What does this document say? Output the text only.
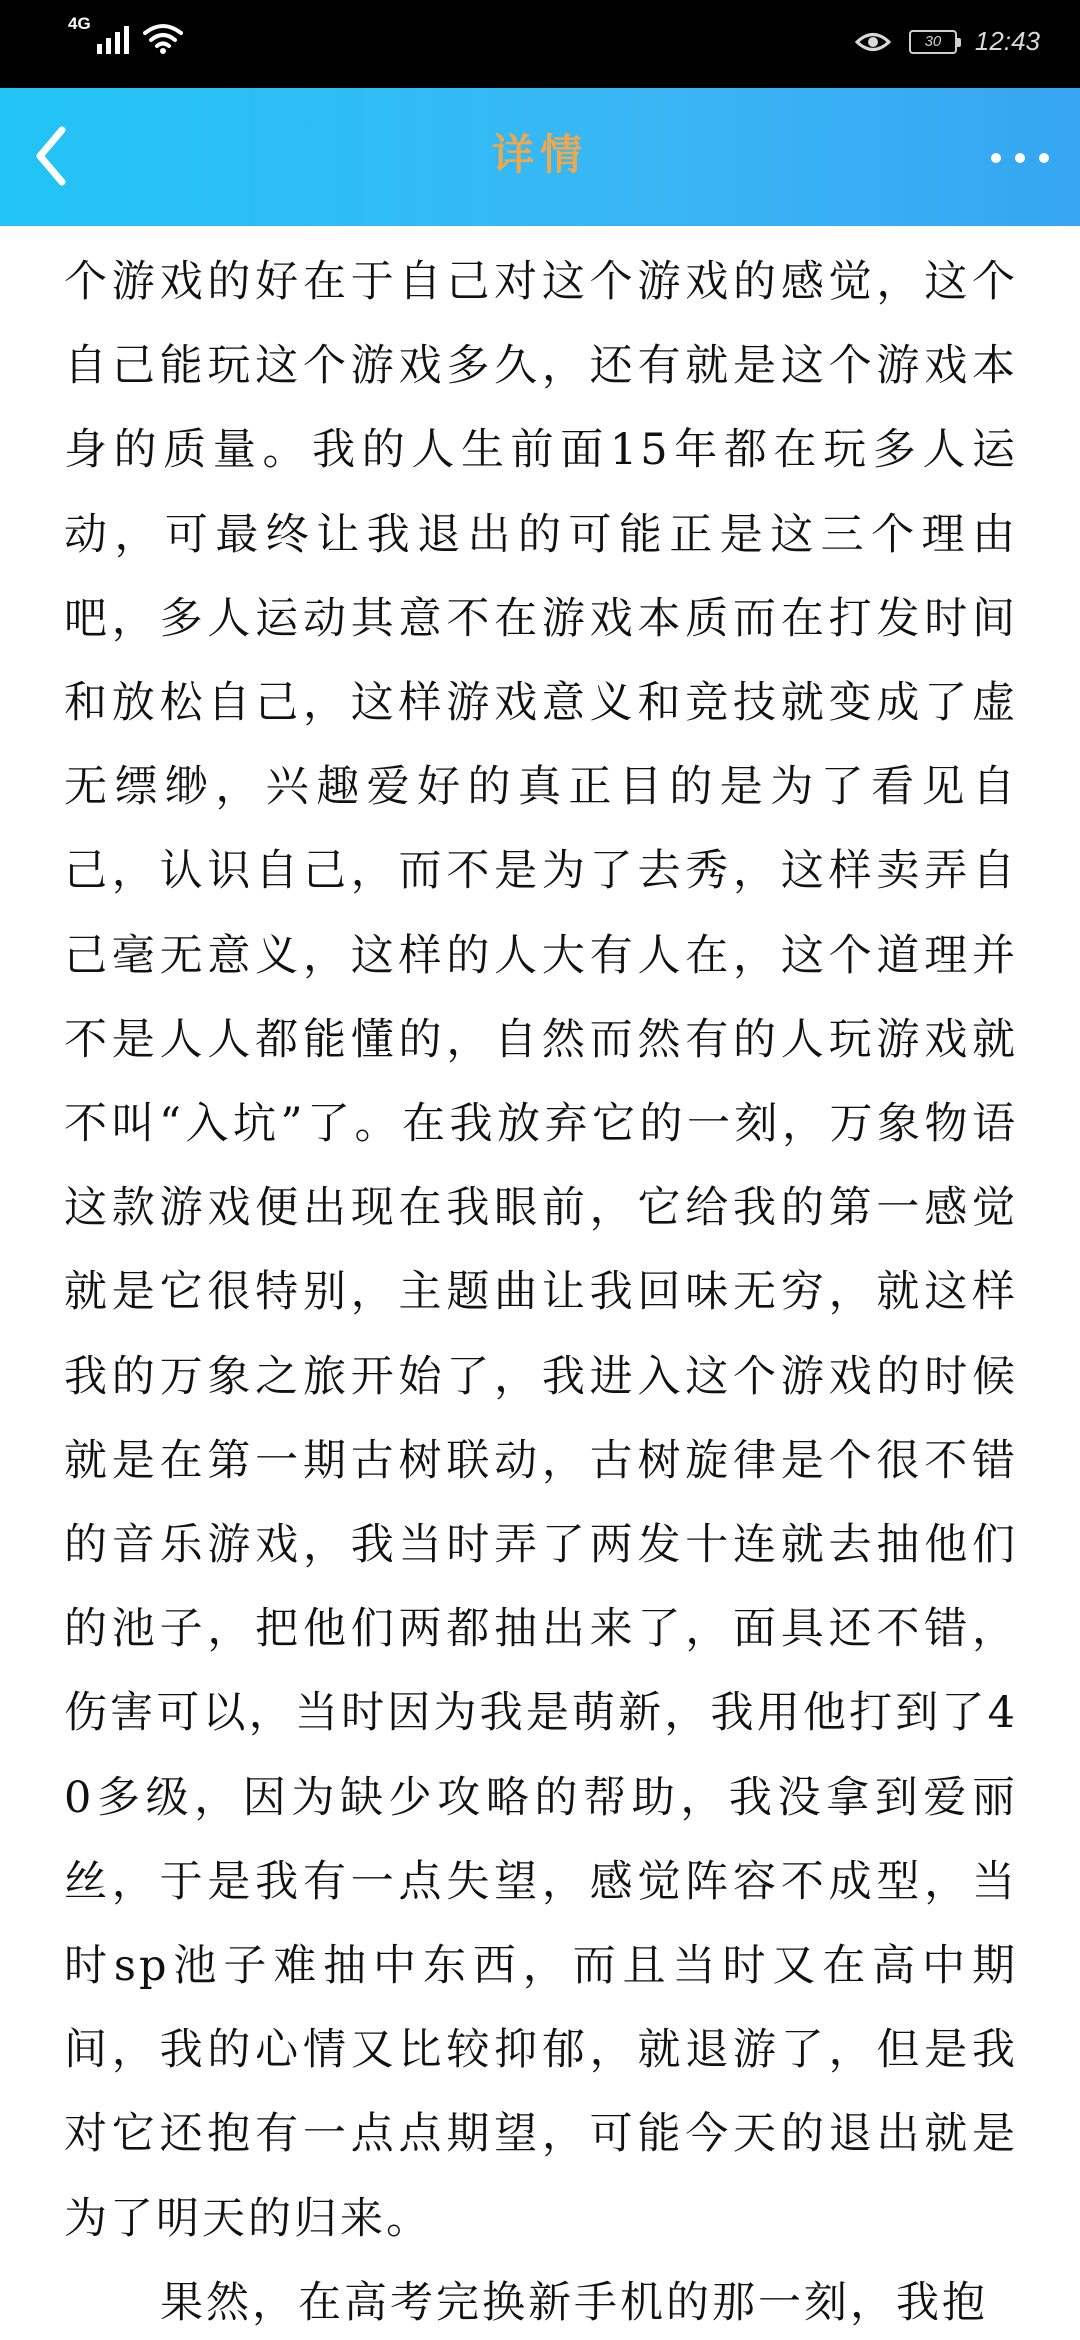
4G
30 12:43
详情

个游戏的好在于自己对这个游戏的感觉，这个自己能玩这个游戏多久，还有就是这个游戏本身的质量。我的人生前面15年都在玩多人运动，可最终让我退出的可能正是这三个理由吧，多人运动其意不在游戏本质而在打发时间和放松自己，这样游戏意义和竞技就变成了虚无缥缈，兴趣爱好的真正目的是为了看见自己，认识自己，而不是为了去秀，这样卖弄自己毫无意义，这样的人大有人在，这个道理并不是人人都能懂的，自然而然有的人玩游戏就不叫“入坑”了。在我放弃它的一刻，万象物语这款游戏便出现在我眼前，它给我的第一感觉就是它很特别，主题曲让我回味无穷，就这样我的万象之旅开始了，我进入这个游戏的时候就是在第一期古树联动，古树旋律是个很不错的音乐游戏，我当时弄了两发十连就去抽他们的池子，把他们两都抽出来了，面具还不错，伤害可以，当时因为我是萌新，我用他打到了40多级，因为缺少攻略的帮助，我没拿到爱丽丝，于是我有一点失望，感觉阵容不成型，当时sp池子难抽中东西，而且当时又在高中期间，我的心情又比较抑郁，就退游了，但是我对它还抱有一点点期望，可能今天的退出就是为了明天的归来。

果然，在高考完换新手机的那一刻，我抱
